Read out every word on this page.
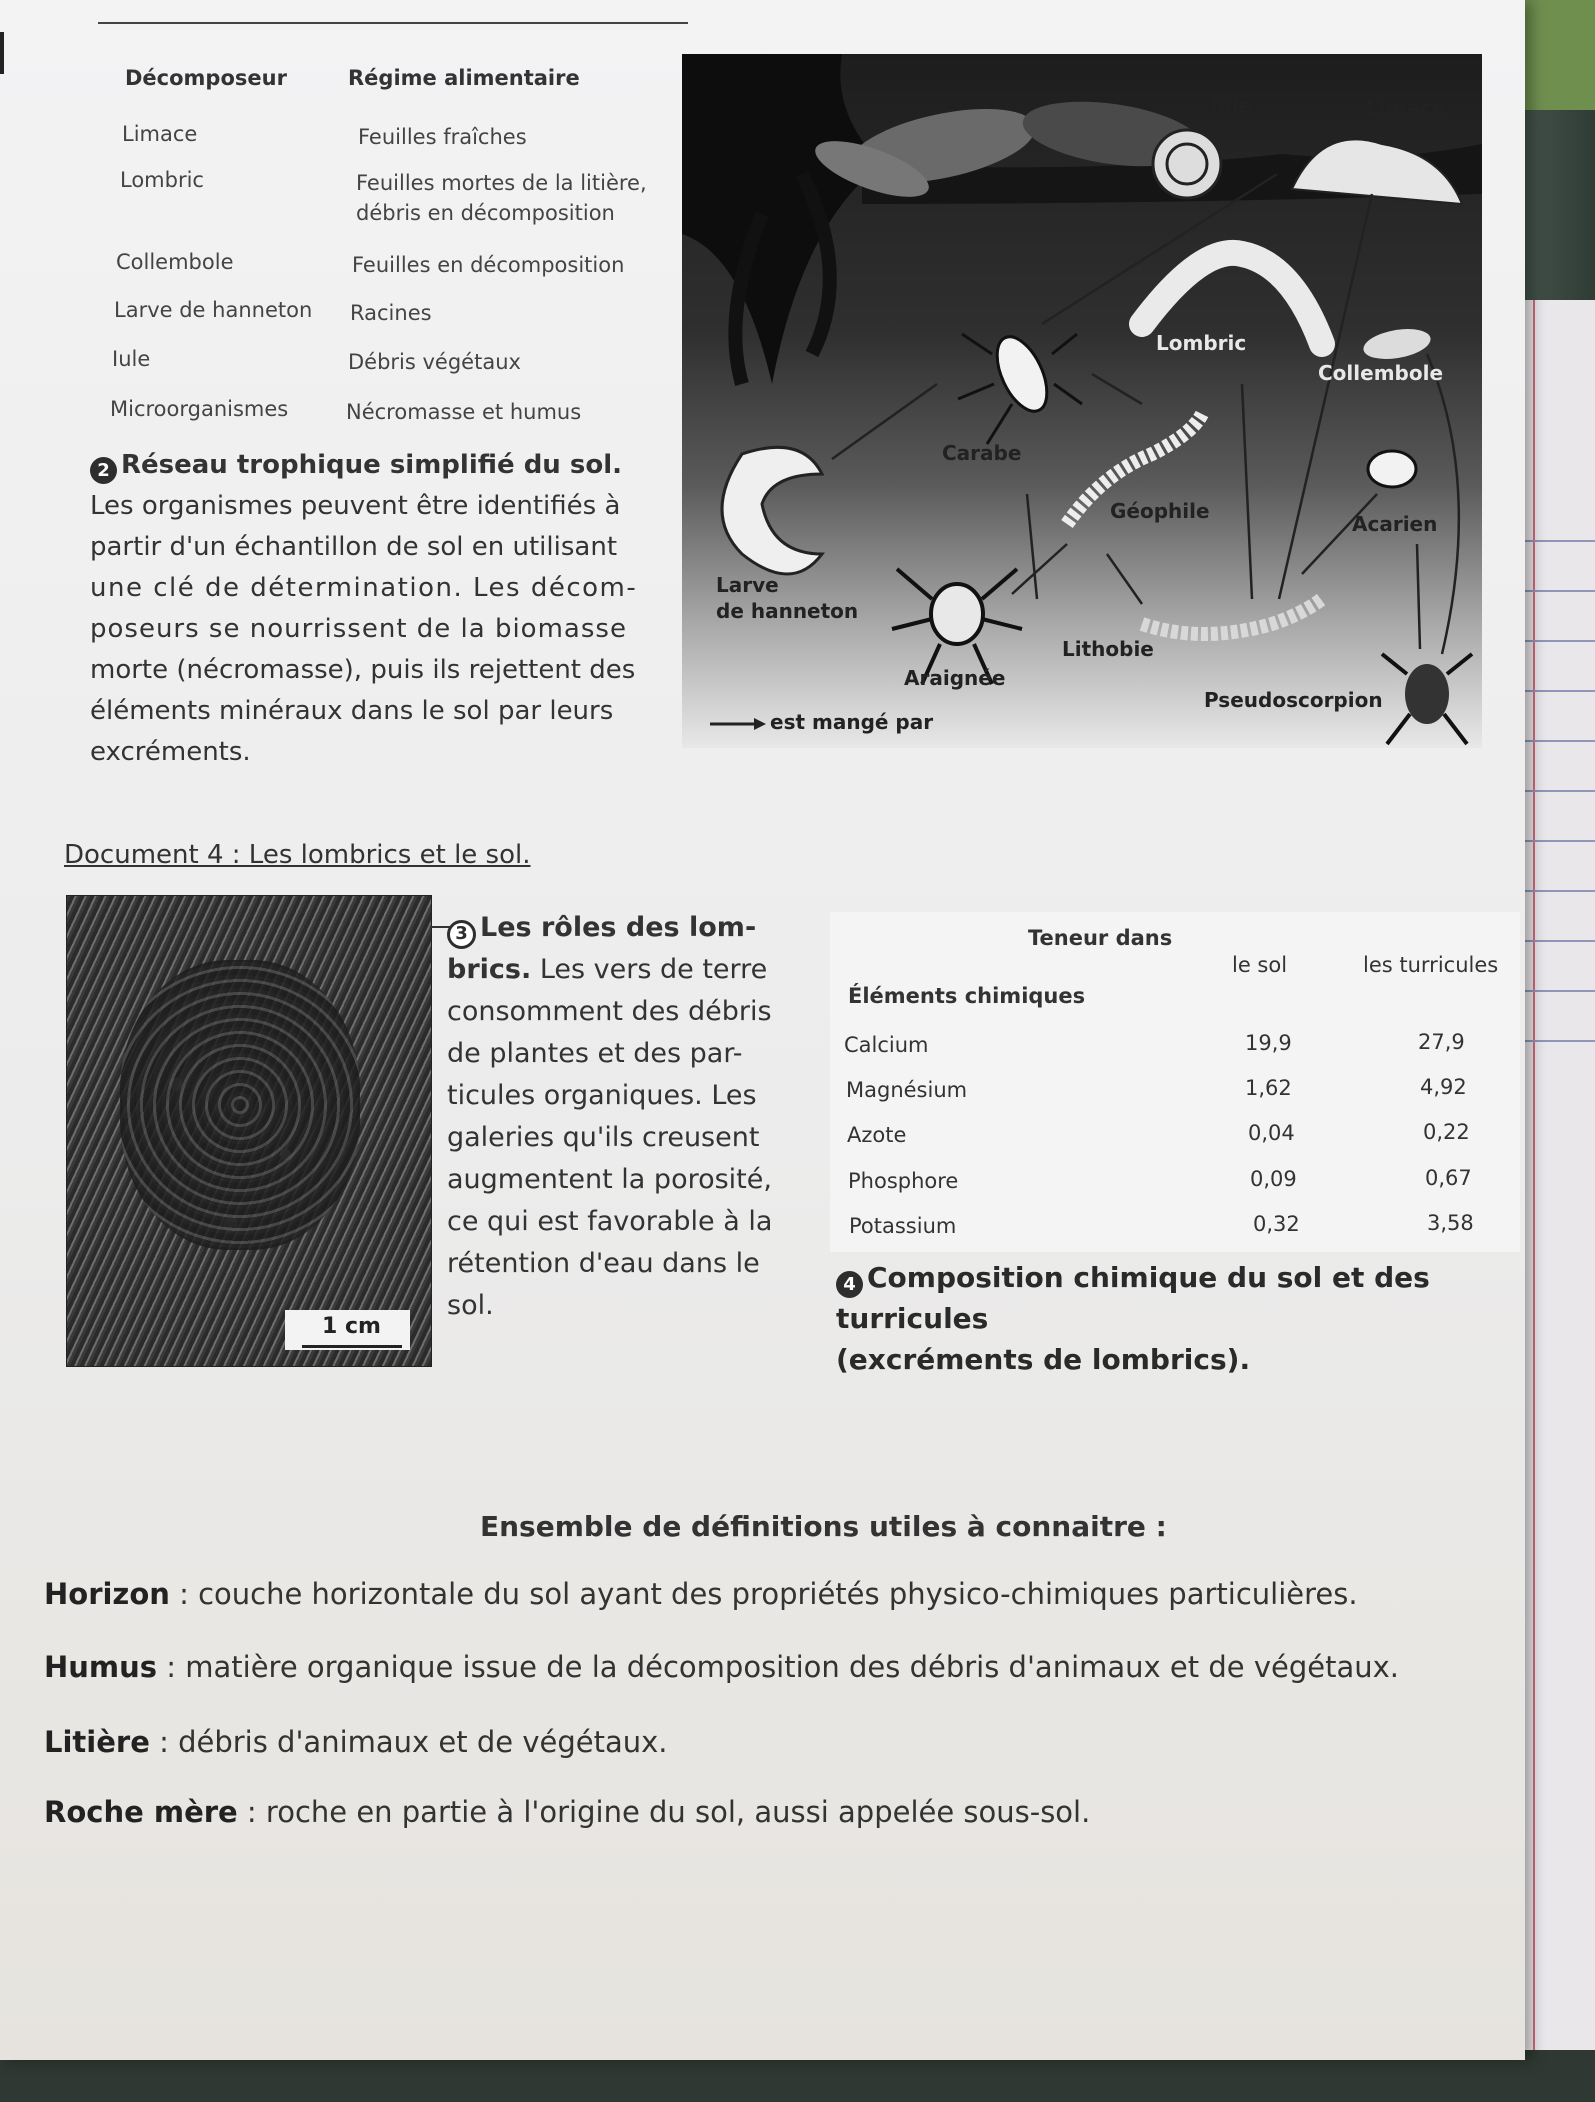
Décomposeur	Régime alimentaire
Limace	Feuilles fraîches
Lombric	Feuilles mortes de la litière, débris en décomposition
Collembole	Feuilles en décomposition
Larve de hanneton	Racines
Iule	Débris végétaux
Microorganismes	Nécromasse et humus
2 Réseau trophique simplifié du sol.
Les organismes peuvent être identifiés à
partir d'un échantillon de sol en utilisant
une clé de détermination. Les décom-
poseurs se nourrissent de la biomasse
morte (nécromasse), puis ils rejettent des
éléments minéraux dans le sol par leurs
excréments.
Iule	Limace
Lombric
Collembole
Carabe
Géophile
Acarien
Larve
de hanneton
Lithobie
Araignée
Pseudoscorpion
est mangé par
Document 4 : Les lombrics et le sol.
1 cm
3 Les rôles des lom-
brics. Les vers de terre
consomment des débris
de plantes et des par-
ticules organiques. Les
galeries qu'ils creusent
augmentent la porosité,
ce qui est favorable à la
rétention d'eau dans le
sol.
Teneur dans
le sol	les turricules
Éléments chimiques
Calcium	19,9	27,9
Magnésium	1,62	4,92
Azote	0,04	0,22
Phosphore	0,09	0,67
Potassium	0,32	3,58
4 Composition chimique du sol et des turricules
(excréments de lombrics).
Ensemble de définitions utiles à connaitre :
Horizon : couche horizontale du sol ayant des propriétés physico-chimiques particulières.
Humus : matière organique issue de la décomposition des débris d'animaux et de végétaux.
Litière : débris d'animaux et de végétaux.
Roche mère : roche en partie à l'origine du sol, aussi appelée sous-sol.
